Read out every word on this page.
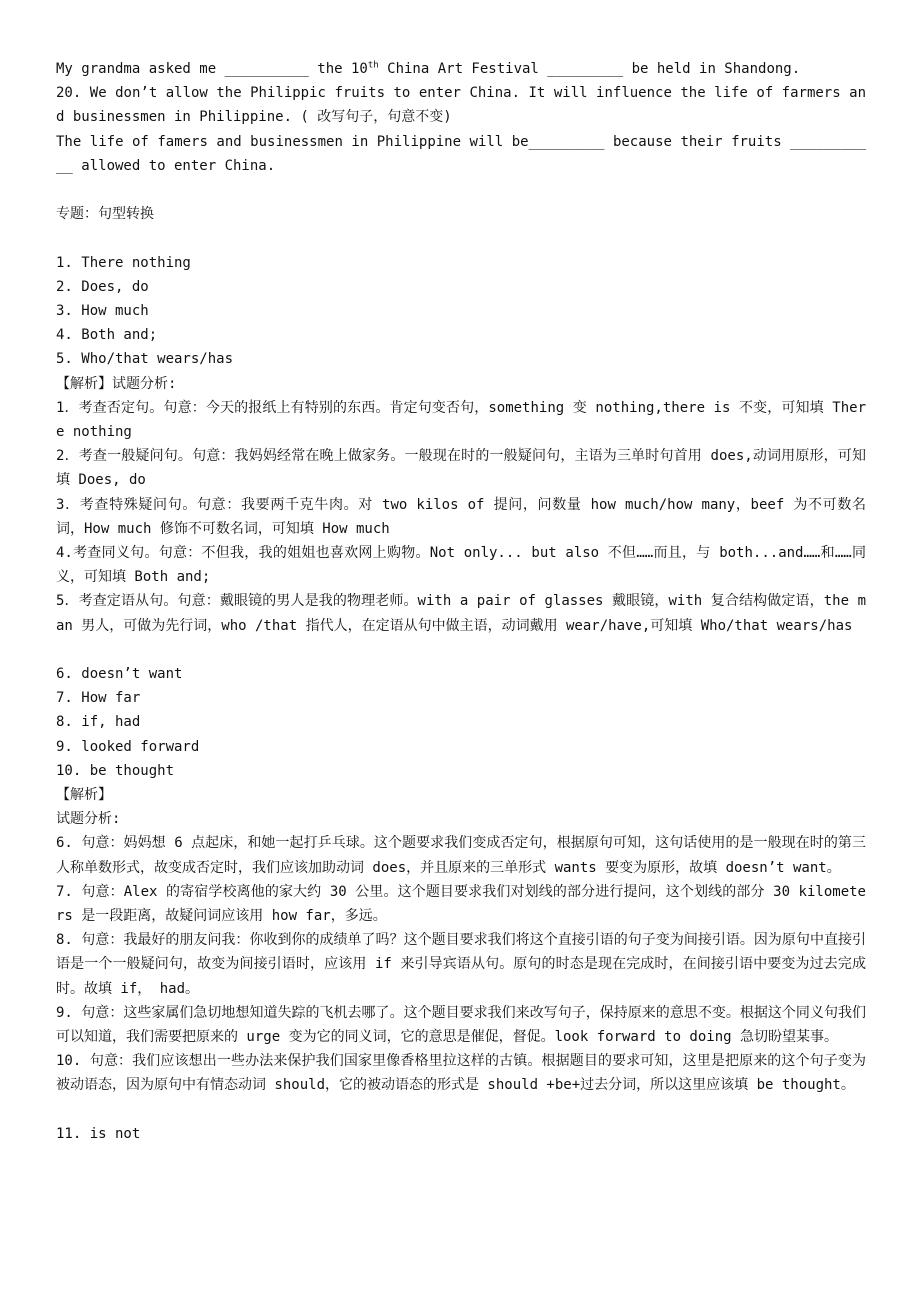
My grandma asked me __________ the 10th China Art Festival _________ be held in Shandong.
20. We don’t allow the Philippic fruits to enter China. It will influence the life of farmers and businessmen in Philippine. ( 改写句子，句意不变)
The life of famers and businessmen in Philippine will be_________ because their fruits ___________ allowed to enter China.
专题：句型转换
1. There nothing
2. Does, do
3. How much
4. Both and;
5. Who/that wears/has
【解析】试题分析:
1．考查否定句。句意：今天的报纸上有特别的东西。肯定句变否句，something 变 nothing,there is 不变，可知填 There nothing
2．考查一般疑问句。句意：我妈妈经常在晚上做家务。一般现在时的一般疑问句，主语为三单时句首用 does,动词用原形，可知填 Does, do
3．考查特殊疑问句。句意：我要两千克牛肉。对 two kilos of 提问，问数量 how much/how many，beef 为不可数名词，How much 修饰不可数名词，可知填 How much
4.考查同义句。句意：不但我，我的姐姐也喜欢网上购物。Not only... but also 不但……而且，与 both...and……和……同义，可知填 Both and;
5．考查定语从句。句意：戴眼镜的男人是我的物理老师。with a pair of glasses 戴眼镜，with 复合结构做定语，the man 男人，可做为先行词，who /that 指代人，在定语从句中做主语，动词戴用 wear/have,可知填 Who/that wears/has
6. doesn’t want
7. How far
8. if, had
9. looked forward
10. be thought
【解析】
试题分析:
6. 句意：妈妈想 6 点起床，和她一起打乒乓球。这个题要求我们变成否定句，根据原句可知，这句话使用的是一般现在时的第三人称单数形式，故变成否定时，我们应该加助动词 does，并且原来的三单形式 wants 要变为原形，故填 doesn’t want。
7. 句意：Alex 的寄宿学校离他的家大约 30 公里。这个题目要求我们对划线的部分进行提问，这个划线的部分 30 kilometers 是一段距离，故疑问词应该用 how far，多远。
8. 句意：我最好的朋友问我：你收到你的成绩单了吗？这个题目要求我们将这个直接引语的句子变为间接引语。因为原句中直接引语是一个一般疑问句，故变为间接引语时，应该用 if 来引导宾语从句。原句的时态是现在完成时，在间接引语中要变为过去完成时。故填 if， had。
9. 句意：这些家属们急切地想知道失踪的飞机去哪了。这个题目要求我们来改写句子，保持原来的意思不变。根据这个同义句我们可以知道，我们需要把原来的 urge 变为它的同义词，它的意思是催促，督促。look forward to doing 急切盼望某事。
10. 句意：我们应该想出一些办法来保护我们国家里像香格里拉这样的古镇。根据题目的要求可知，这里是把原来的这个句子变为被动语态，因为原句中有情态动词 should，它的被动语态的形式是 should +be+过去分词，所以这里应该填 be thought。
11. is not
